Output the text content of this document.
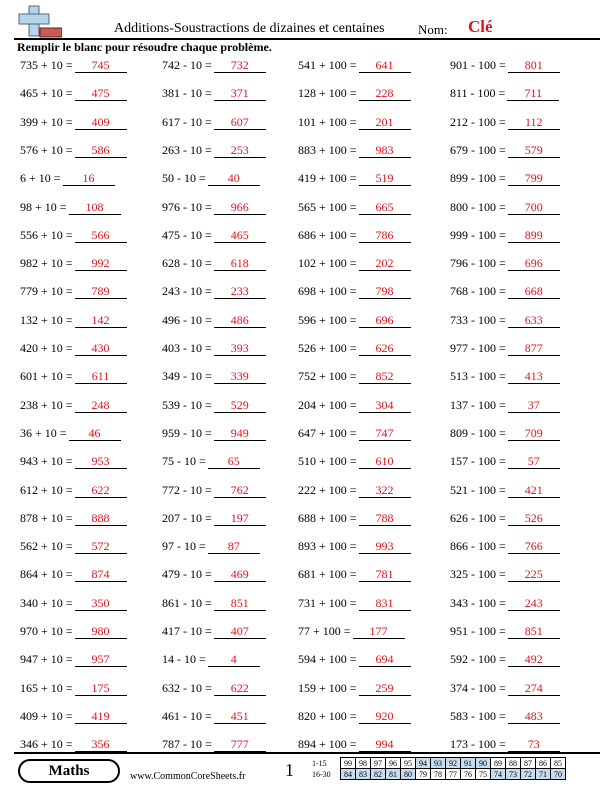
Additions-Soustractions de dizaines et centaines	Nom: Clé
Remplir le blanc pour résoudre chaque problème.
735 + 10 = 745	742 - 10 = 732	541 + 100 = 641	901 - 100 = 801
465 + 10 = 475	381 - 10 = 371	128 + 100 = 228	811 - 100 = 711
399 + 10 = 409	617 - 10 = 607	101 + 100 = 201	212 - 100 = 112
576 + 10 = 586	263 - 10 = 253	883 + 100 = 983	679 - 100 = 579
6 + 10 = 16	50 - 10 = 40	419 + 100 = 519	899 - 100 = 799
98 + 10 = 108	976 - 10 = 966	565 + 100 = 665	800 - 100 = 700
556 + 10 = 566	475 - 10 = 465	686 + 100 = 786	999 - 100 = 899
982 + 10 = 992	628 - 10 = 618	102 + 100 = 202	796 - 100 = 696
779 + 10 = 789	243 - 10 = 233	698 + 100 = 798	768 - 100 = 668
132 + 10 = 142	496 - 10 = 486	596 + 100 = 696	733 - 100 = 633
420 + 10 = 430	403 - 10 = 393	526 + 100 = 626	977 - 100 = 877
601 + 10 = 611	349 - 10 = 339	752 + 100 = 852	513 - 100 = 413
238 + 10 = 248	539 - 10 = 529	204 + 100 = 304	137 - 100 = 37
36 + 10 = 46	959 - 10 = 949	647 + 100 = 747	809 - 100 = 709
943 + 10 = 953	75 - 10 = 65	510 + 100 = 610	157 - 100 = 57
612 + 10 = 622	772 - 10 = 762	222 + 100 = 322	521 - 100 = 421
878 + 10 = 888	207 - 10 = 197	688 + 100 = 788	626 - 100 = 526
562 + 10 = 572	97 - 10 = 87	893 + 100 = 993	866 - 100 = 766
864 + 10 = 874	479 - 10 = 469	681 + 100 = 781	325 - 100 = 225
340 + 10 = 350	861 - 10 = 851	731 + 100 = 831	343 - 100 = 243
970 + 10 = 980	417 - 10 = 407	77 + 100 = 177	951 - 100 = 851
947 + 10 = 957	14 - 10 = 4	594 + 100 = 694	592 - 100 = 492
165 + 10 = 175	632 - 10 = 622	159 + 100 = 259	374 - 100 = 274
409 + 10 = 419	461 - 10 = 451	820 + 100 = 920	583 - 100 = 483
346 + 10 = 356	787 - 10 = 777	894 + 100 = 994	173 - 100 = 73
Maths	www.CommonCoreSheets.fr 1 1-15
16-30
99	98	97	96	95	94	93	92	91	90	89	88	87	86	85
84	83	82	81	80	79	78	77	76	75	74	73	72	71	70
